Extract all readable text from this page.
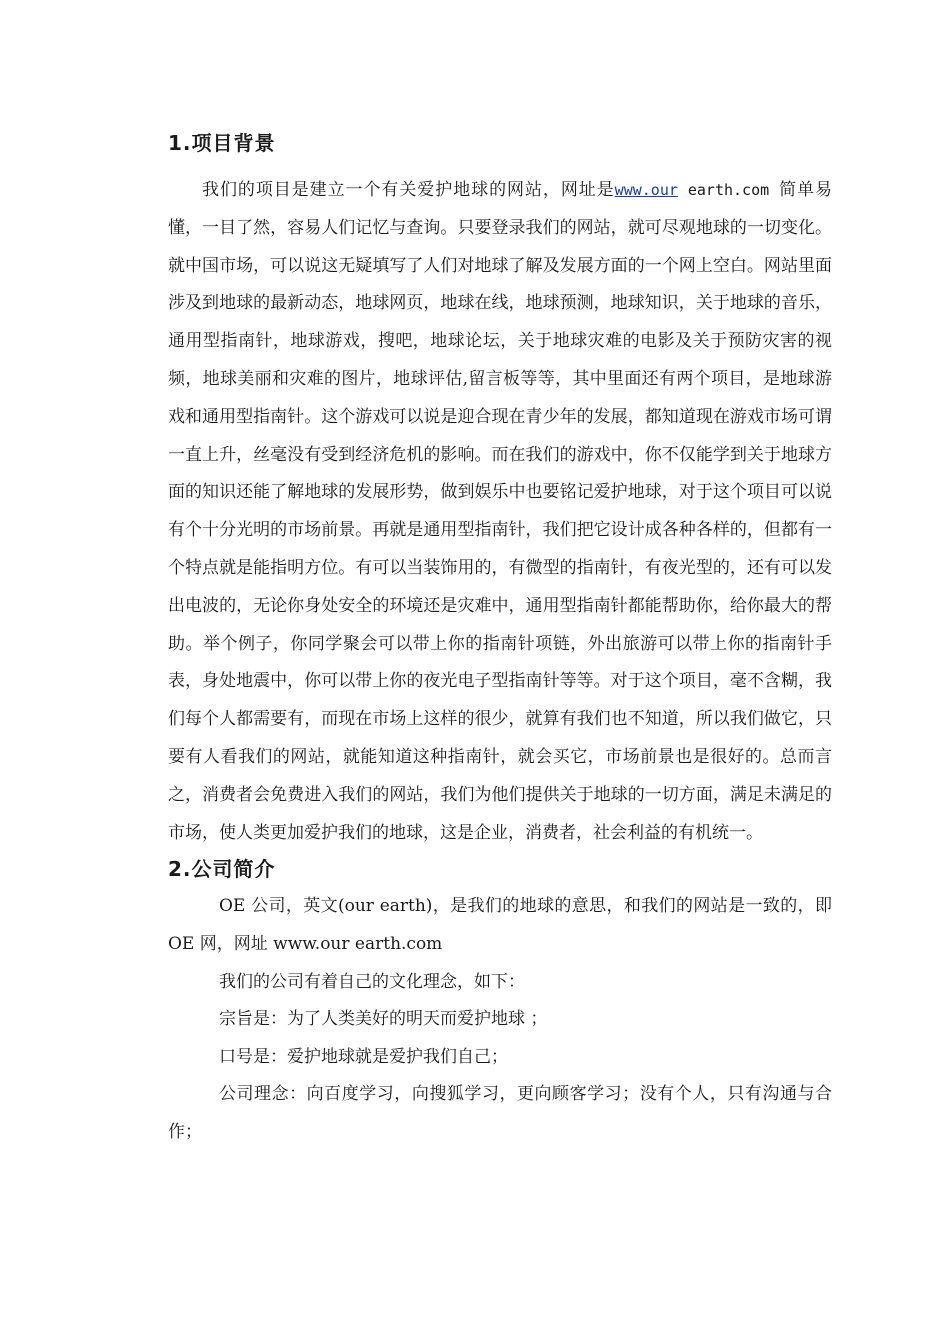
1.项目背景

我们的项目是建立一个有关爱护地球的网站，网址是www.our earth.com 简单易懂，一目了然，容易人们记忆与查询。只要登录我们的网站，就可尽观地球的一切变化。就中国市场，可以说这无疑填写了人们对地球了解及发展方面的一个网上空白。网站里面涉及到地球的最新动态，地球网页，地球在线，地球预测，地球知识，关于地球的音乐，通用型指南针，地球游戏，搜吧，地球论坛，关于地球灾难的电影及关于预防灾害的视频，地球美丽和灾难的图片，地球评估,留言板等等，其中里面还有两个项目，是地球游戏和通用型指南针。这个游戏可以说是迎合现在青少年的发展，都知道现在游戏市场可谓一直上升，丝毫没有受到经济危机的影响。而在我们的游戏中，你不仅能学到关于地球方面的知识还能了解地球的发展形势，做到娱乐中也要铭记爱护地球，对于这个项目可以说有个十分光明的市场前景。再就是通用型指南针，我们把它设计成各种各样的，但都有一个特点就是能指明方位。有可以当装饰用的，有微型的指南针，有夜光型的，还有可以发出电波的，无论你身处安全的环境还是灾难中，通用型指南针都能帮助你，给你最大的帮助。举个例子，你同学聚会可以带上你的指南针项链，外出旅游可以带上你的指南针手表，身处地震中，你可以带上你的夜光电子型指南针等等。对于这个项目，毫不含糊，我们每个人都需要有，而现在市场上这样的很少，就算有我们也不知道，所以我们做它，只要有人看我们的网站，就能知道这种指南针，就会买它，市场前景也是很好的。总而言之，消费者会免费进入我们的网站，我们为他们提供关于地球的一切方面，满足未满足的市场，使人类更加爱护我们的地球，这是企业，消费者，社会利益的有机统一。

2.公司简介

OE 公司，英文(our earth)，是我们的地球的意思，和我们的网站是一致的，即 OE 网，网址 www.our earth.com

我们的公司有着自己的文化理念，如下：

宗旨是：为了人类美好的明天而爱护地球 ；

口号是：爱护地球就是爱护我们自己；

公司理念：向百度学习，向搜狐学习，更向顾客学习；没有个人，只有沟通与合作；
